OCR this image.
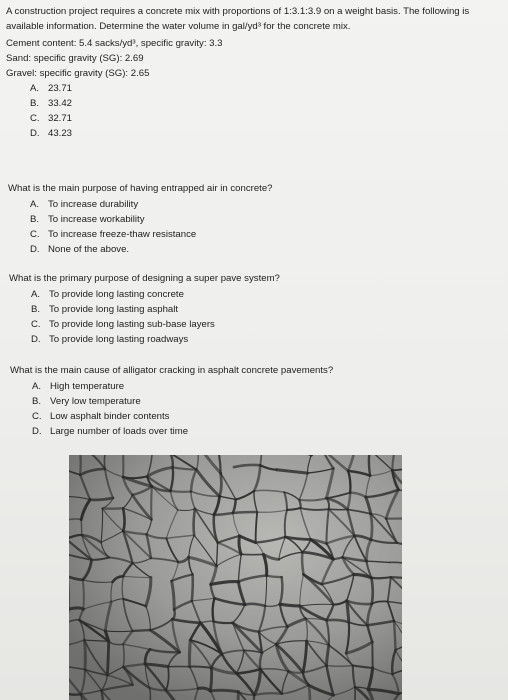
A construction project requires a concrete mix with proportions of 1:3.1:3.9 on a weight basis. The following is available information. Determine the water volume in gal/yd³ for the concrete mix.

Cement content: 5.4 sacks/yd³, specific gravity: 3.3
Sand: specific gravity (SG): 2.69
Gravel: specific gravity (SG): 2.65
A. 23.71
B. 33.42
C. 32.71
D. 43.23

What is the main purpose of having entrapped air in concrete?

A. To increase durability
B. To increase workability
C. To increase freeze-thaw resistance
D. None of the above.

What is the primary purpose of designing a super pave system?

A. To provide long lasting concrete
B. To provide long lasting asphalt
C. To provide long lasting sub-base layers
D. To provide long lasting roadways

What is the main cause of alligator cracking in asphalt concrete pavements?

A. High temperature
B. Very low temperature
C. Low asphalt binder contents
D. Large number of loads over time
